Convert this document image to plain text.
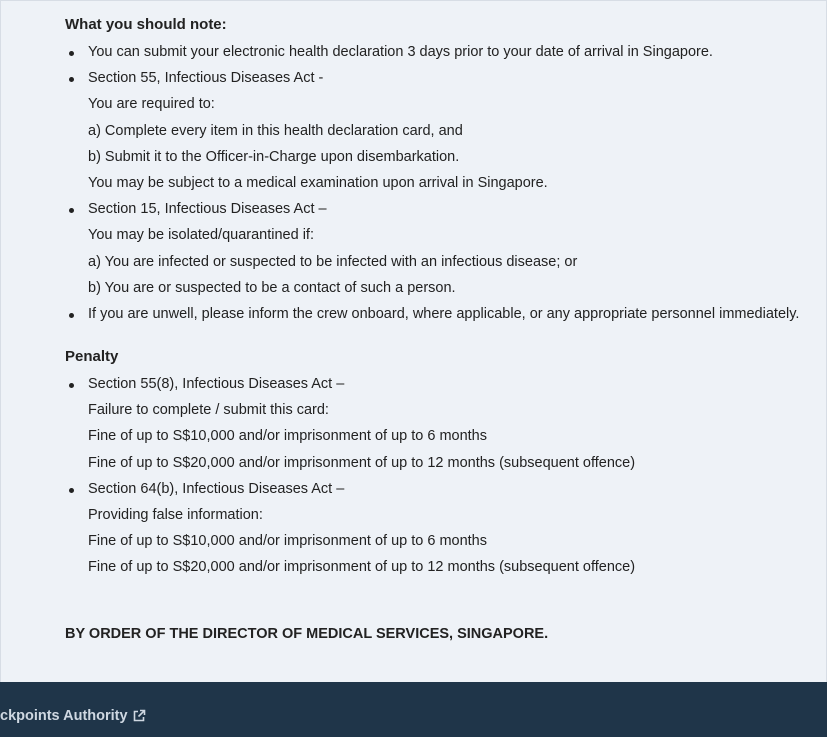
What you should note:
You can submit your electronic health declaration 3 days prior to your date of arrival in Singapore.
Section 55, Infectious Diseases Act -
You are required to:
a) Complete every item in this health declaration card, and
b) Submit it to the Officer-in-Charge upon disembarkation.
You may be subject to a medical examination upon arrival in Singapore.
Section 15, Infectious Diseases Act –
You may be isolated/quarantined if:
a) You are infected or suspected to be infected with an infectious disease; or
b) You are or suspected to be a contact of such a person.
If you are unwell, please inform the crew onboard, where applicable, or any appropriate personnel immediately.
Penalty
Section 55(8), Infectious Diseases Act –
Failure to complete / submit this card:
Fine of up to S$10,000 and/or imprisonment of up to 6 months
Fine of up to S$20,000 and/or imprisonment of up to 12 months (subsequent offence)
Section 64(b), Infectious Diseases Act –
Providing false information:
Fine of up to S$10,000 and/or imprisonment of up to 6 months
Fine of up to S$20,000 and/or imprisonment of up to 12 months (subsequent offence)
BY ORDER OF THE DIRECTOR OF MEDICAL SERVICES, SINGAPORE.
ckpoints Authority
